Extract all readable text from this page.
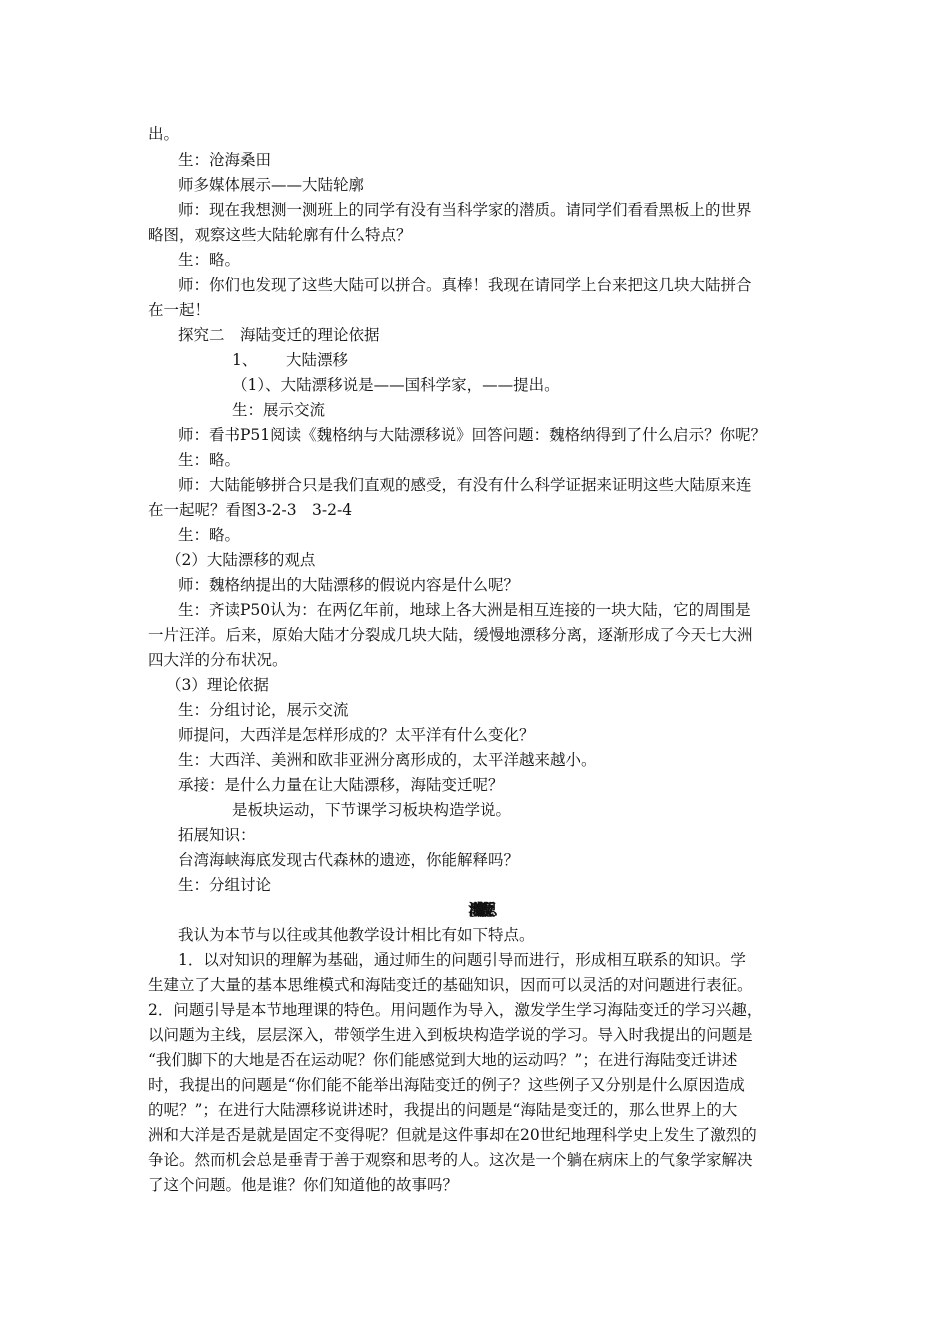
出。
生：沧海桑田
师多媒体展示——大陆轮廓
师：现在我想测一测班上的同学有没有当科学家的潜质。请同学们看看黑板上的世界
略图，观察这些大陆轮廓有什么特点？
生：略。
师：你们也发现了这些大陆可以拼合。真棒！我现在请同学上台来把这几块大陆拼合
在一起！
探究二　海陆变迁的理论依据
1、 大陆漂移
（1）、大陆漂移说是——国科学家，——提出。
生：展示交流
师：看书P51阅读《魏格纳与大陆漂移说》回答问题：魏格纳得到了什么启示？你呢？
生：略。
师：大陆能够拼合只是我们直观的感受，有没有什么科学证据来证明这些大陆原来连
在一起呢？看图3-2-3　3-2-4
生：略。
（2）大陆漂移的观点
师：魏格纳提出的大陆漂移的假说内容是什么呢？
生：齐读P50认为：在两亿年前，地球上各大洲是相互连接的一块大陆，它的周围是
一片汪洋。后来，原始大陆才分裂成几块大陆，缓慢地漂移分离，逐渐形成了今天七大洲
四大洋的分布状况。
（3）理论依据
生：分组讨论，展示交流
师提问，大西洋是怎样形成的？太平洋有什么变化？
生：大西洋、美洲和欧非亚洲分离形成的，太平洋越来越小。
承接：是什么力量在让大陆漂移，海陆变迁呢？
是板块运动，下节课学习板块构造学说。
拓展知识：
台湾海峡海底发现古代森林的遗迹，你能解释吗？
生：分组讨论
《海陆变迁》教学反思
我认为本节与以往或其他教学设计相比有如下特点。
1．以对知识的理解为基础，通过师生的问题引导而进行，形成相互联系的知识。学
生建立了大量的基本思维模式和海陆变迁的基础知识，因而可以灵活的对问题进行表征。
2．问题引导是本节地理课的特色。用问题作为导入，激发学生学习海陆变迁的学习兴趣，
以问题为主线，层层深入，带领学生进入到板块构造学说的学习。导入时我提出的问题是
“我们脚下的大地是否在运动呢？你们能感觉到大地的运动吗？”；在进行海陆变迁讲述
时，我提出的问题是“你们能不能举出海陆变迁的例子？这些例子又分别是什么原因造成
的呢？”；在进行大陆漂移说讲述时，我提出的问题是“海陆是变迁的，那么世界上的大
洲和大洋是否是就是固定不变得呢？但就是这件事却在20世纪地理科学史上发生了激烈的
争论。然而机会总是垂青于善于观察和思考的人。这次是一个躺在病床上的气象学家解决
了这个问题。他是谁？你们知道他的故事吗？
